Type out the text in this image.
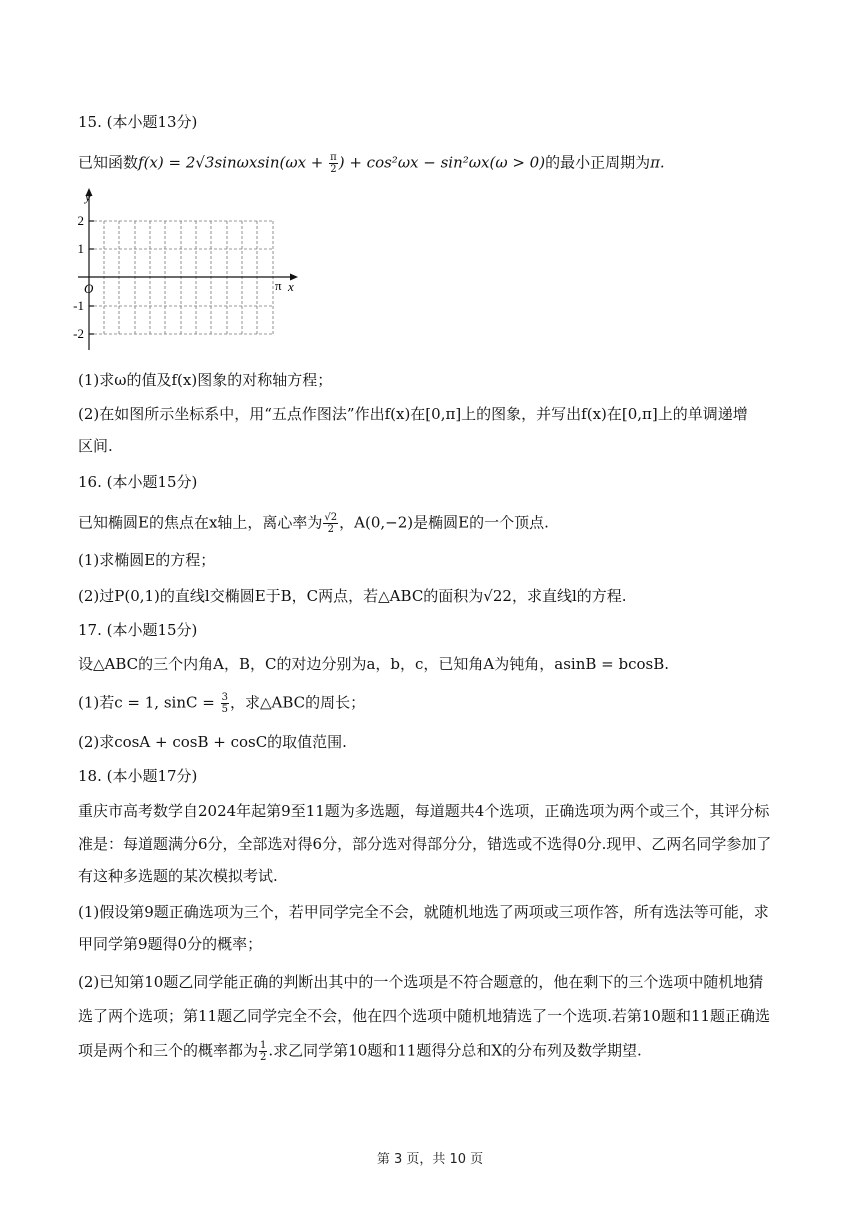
15. (本小题13分)
已知函数$f(x) = 2√3\sin\omega xsin(\omega x + \frac{\pi}{2}$ ) + cos²ωx − sin²ωx(ω > 0)的最小正周期为π.
y
x
O	π
2
1
-1
-2
(1)求ω的值及f(x)图象的对称轴方程；
(2)在如图所示坐标系中，用“五点作图法”作出f(x)在[0,π]上的图象，并写出f(x)在[0,π]上的单调递增
区间.
16. (本小题15分)
已知椭圆E的焦点在x轴上，离心率为 $\frac{√2}{2}$ ，A(0,−2)是椭圆E的一个顶点.
(1)求椭圆E的方程；
(2)过P(0,1)的直线l交椭圆E于B，C两点，若△ABC的面积为√22，求直线l的方程.
17. (本小题15分)
设△ABC的三个内角A，B，C的对边分别为a，b，c，已知角A为钝角，asinB = bcosB.
(1)若c = 1, $\sin C = \frac{3}{5}$ ，求△ABC的周长；
(2)求cosA + cosB + cosC的取值范围.
18. (本小题17分)
重庆市高考数学自2024年起第9至11题为多选题，每道题共4个选项，正确选项为两个或三个，其评分标
准是：每道题满分6分，全部选对得6分，部分选对得部分分，错选或不选得0分.现甲、乙两名同学参加了
有这种多选题的某次模拟考试.
(1)假设第9题正确选项为三个，若甲同学完全不会，就随机地选了两项或三项作答，所有选法等可能，求
甲同学第9题得0分的概率；
(2)已知第10题乙同学能正确的判断出其中的一个选项是不符合题意的，他在剩下的三个选项中随机地猜
选了两个选项；第11题乙同学完全不会，他在四个选项中随机地猜选了一个选项.若第10题和11题正确选
项是两个和三个的概率都为 $\frac{1}{2}$ .求乙同学第10题和11题得分总和X的分布列及数学期望.
第 3 页，共 10 页
